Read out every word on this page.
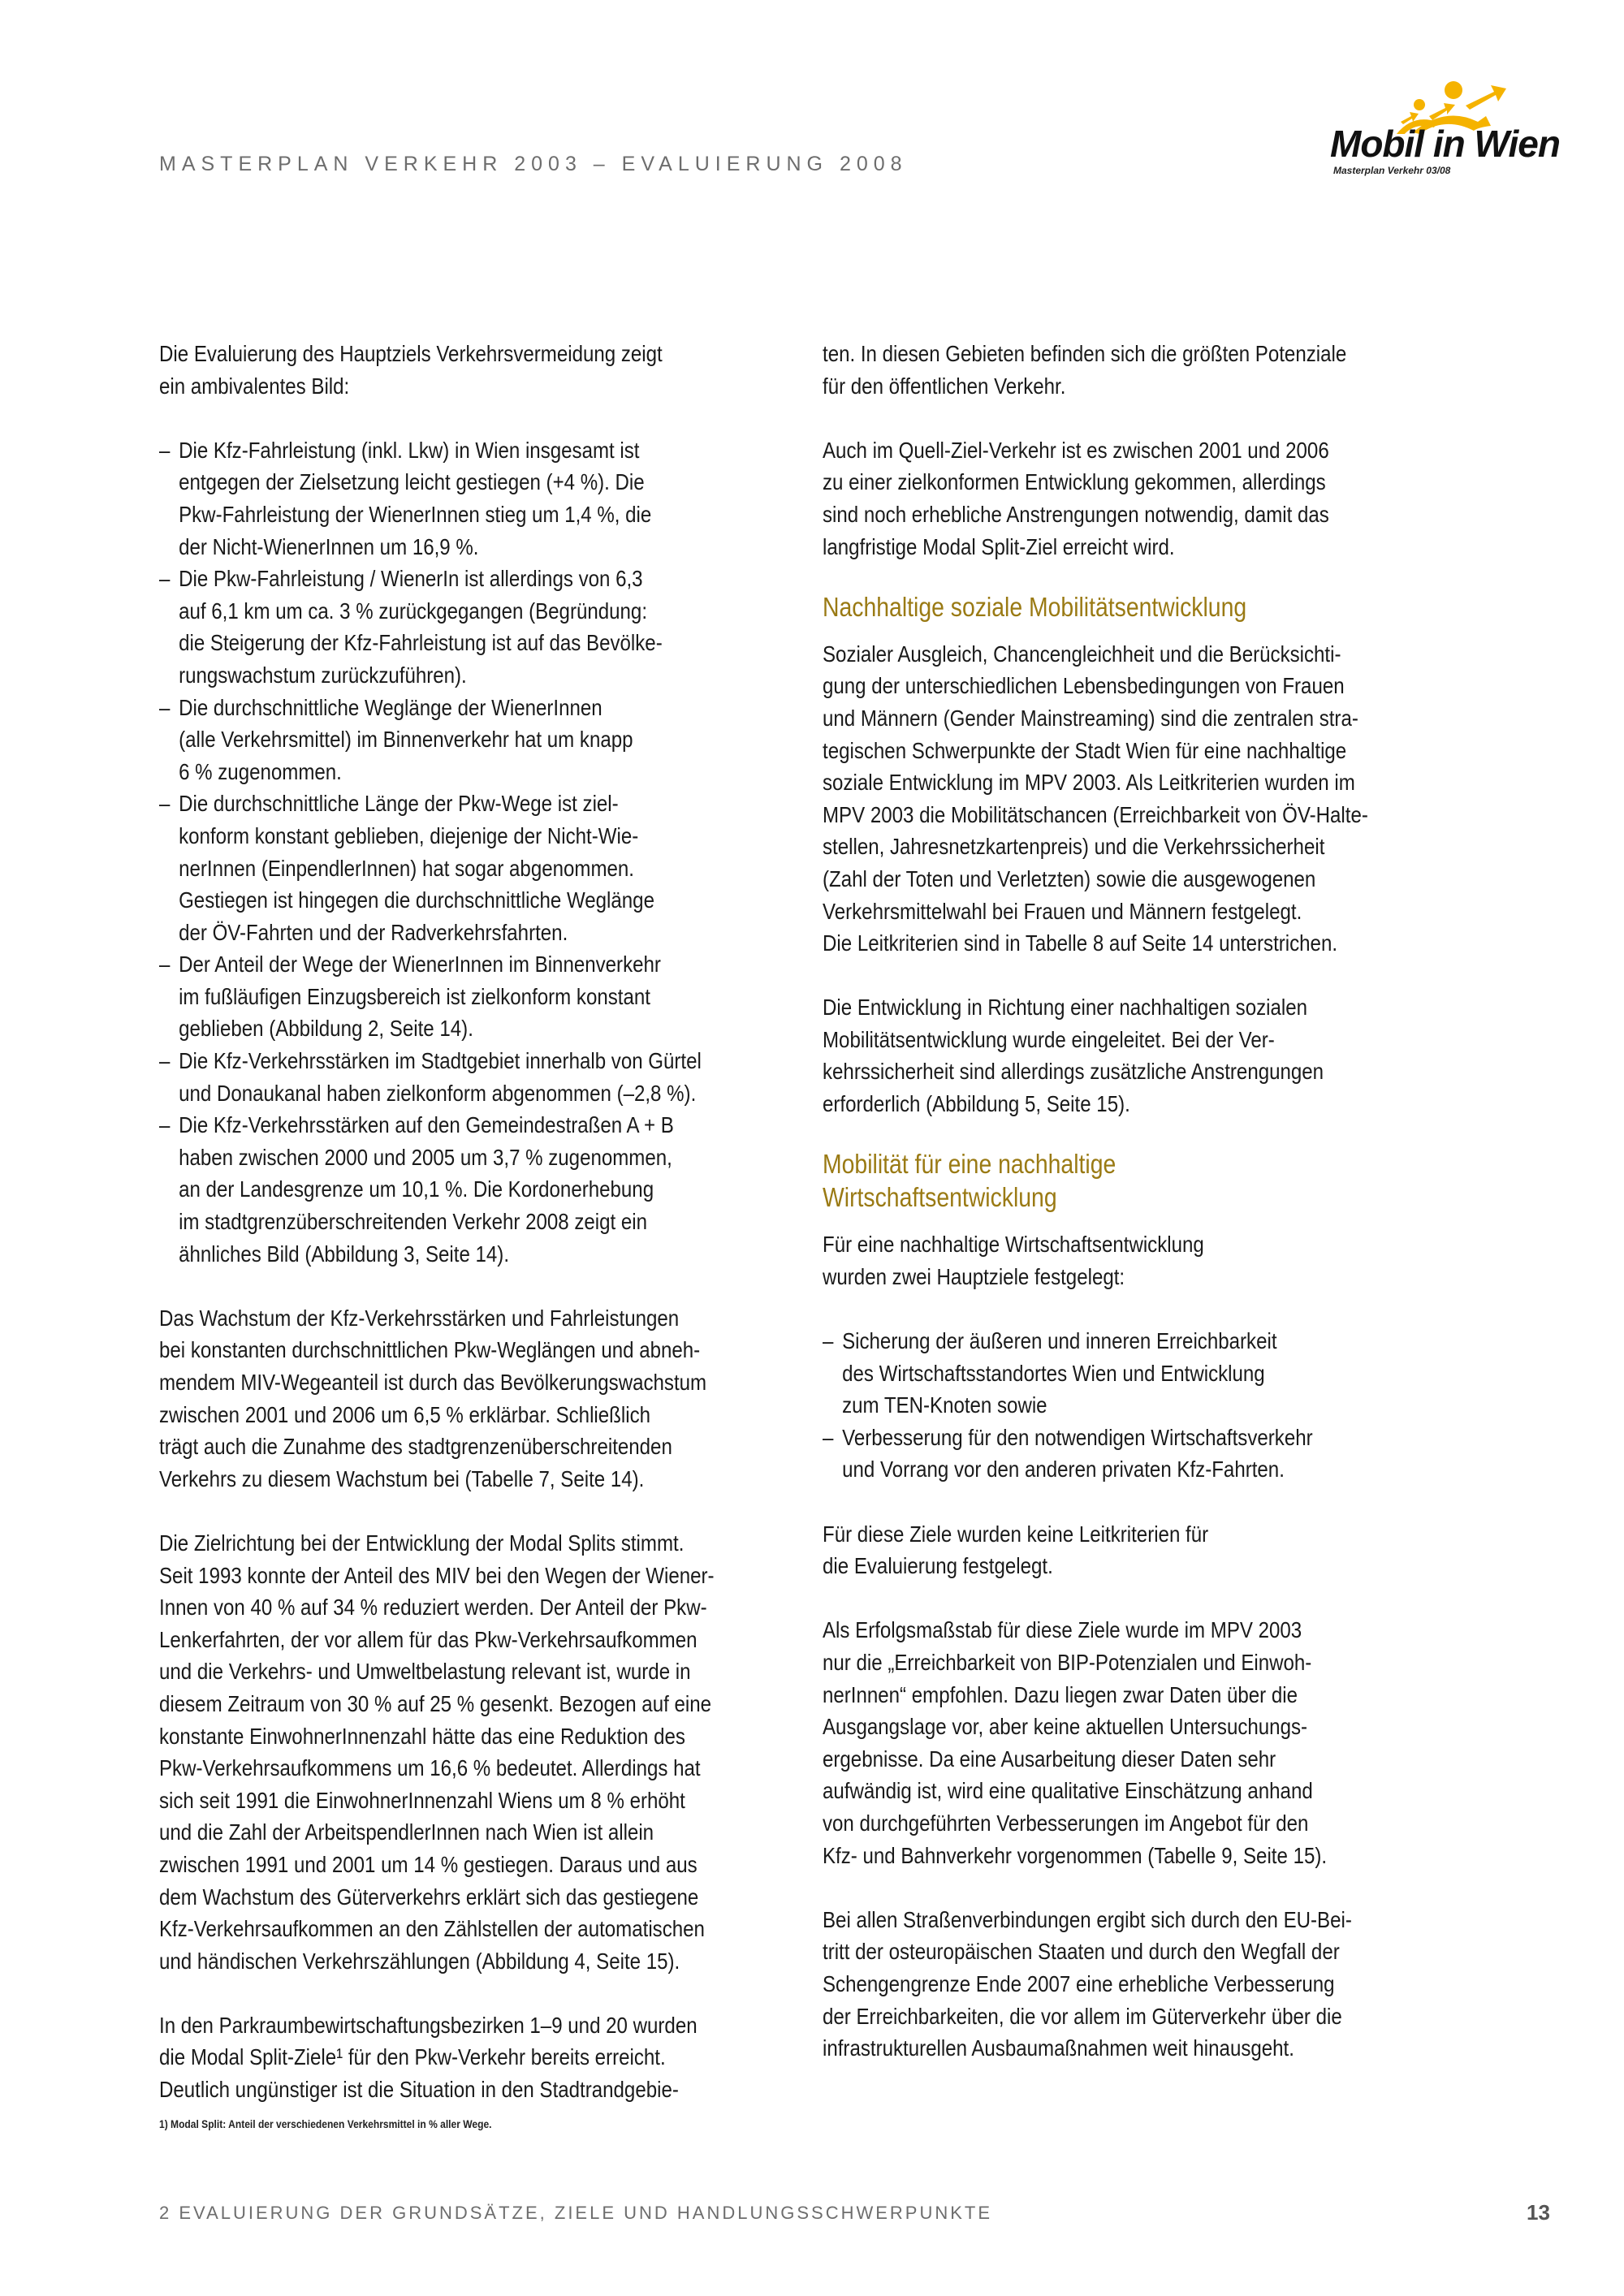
MASTERPLAN VERKEHR 2003 – EVALUIERUNG 2008	Mobil in Wien
Masterplan Verkehr 03/08
Die Evaluierung des Hauptziels Verkehrsvermeidung zeigt
ein ambivalentes Bild:
– Die Kfz-Fahrleistung (inkl. Lkw) in Wien insgesamt ist
entgegen der Zielsetzung leicht gestiegen (+4 %). Die
Pkw-Fahrleistung der WienerInnen stieg um 1,4 %, die
der Nicht-WienerInnen um 16,9 %.
– Die Pkw-Fahrleistung / WienerIn ist allerdings von 6,3
auf 6,1 km um ca. 3 % zurückgegangen (Begründung:
die Steigerung der Kfz-Fahrleistung ist auf das Bevölke-
rungswachstum zurückzuführen).
– Die durchschnittliche Weglänge der WienerInnen
(alle Verkehrsmittel) im Binnenverkehr hat um knapp
6 % zugenommen.
– Die durchschnittliche Länge der Pkw-Wege ist ziel-
konform konstant geblieben, diejenige der Nicht-Wie-
nerInnen (EinpendlerInnen) hat sogar abgenommen.
Gestiegen ist hingegen die durchschnittliche Weglänge
der ÖV-Fahrten und der Radverkehrsfahrten.
– Der Anteil der Wege der WienerInnen im Binnenverkehr
im fußläufigen Einzugsbereich ist zielkonform konstant
geblieben (Abbildung 2, Seite 14).
– Die Kfz-Verkehrsstärken im Stadtgebiet innerhalb von Gürtel
und Donaukanal haben zielkonform abgenommen (–2,8 %).
– Die Kfz-Verkehrsstärken auf den Gemeindestraßen A + B
haben zwischen 2000 und 2005 um 3,7 % zugenommen,
an der Landesgrenze um 10,1 %. Die Kordonerhebung
im stadtgrenzüberschreitenden Verkehr 2008 zeigt ein
ähnliches Bild (Abbildung 3, Seite 14).
Das Wachstum der Kfz-Verkehrsstärken und Fahrleistungen
bei konstanten durchschnittlichen Pkw-Weglängen und abneh-
mendem MIV-Wegeanteil ist durch das Bevölkerungswachstum
zwischen 2001 und 2006 um 6,5 % erklärbar. Schließlich
trägt auch die Zunahme des stadtgrenzenüberschreitenden
Verkehrs zu diesem Wachstum bei (Tabelle 7, Seite 14).
Die Zielrichtung bei der Entwicklung der Modal Splits stimmt.
Seit 1993 konnte der Anteil des MIV bei den Wegen der Wiener-
Innen von 40 % auf 34 % reduziert werden. Der Anteil der Pkw-
Lenkerfahrten, der vor allem für das Pkw-Verkehrsaufkommen
und die Verkehrs- und Umweltbelastung relevant ist, wurde in
diesem Zeitraum von 30 % auf 25 % gesenkt. Bezogen auf eine
konstante EinwohnerInnenzahl hätte das eine Reduktion des
Pkw-Verkehrsaufkommens um 16,6 % bedeutet. Allerdings hat
sich seit 1991 die EinwohnerInnenzahl Wiens um 8 % erhöht
und die Zahl der ArbeitspendlerInnen nach Wien ist allein
zwischen 1991 und 2001 um 14 % gestiegen. Daraus und aus
dem Wachstum des Güterverkehrs erklärt sich das gestiegene
Kfz-Verkehrsaufkommen an den Zählstellen der automatischen
und händischen Verkehrszählungen (Abbildung 4, Seite 15).
In den Parkraumbewirtschaftungsbezirken 1–9 und 20 wurden
die Modal Split-Ziele¹ für den Pkw-Verkehr bereits erreicht.
Deutlich ungünstiger ist die Situation in den Stadtrandgebie-
ten. In diesen Gebieten befinden sich die größten Potenziale
für den öffentlichen Verkehr.
Auch im Quell-Ziel-Verkehr ist es zwischen 2001 und 2006
zu einer zielkonformen Entwicklung gekommen, allerdings
sind noch erhebliche Anstrengungen notwendig, damit das
langfristige Modal Split-Ziel erreicht wird.
Nachhaltige soziale Mobilitätsentwicklung
Sozialer Ausgleich, Chancengleichheit und die Berücksichti-
gung der unterschiedlichen Lebensbedingungen von Frauen
und Männern (Gender Mainstreaming) sind die zentralen stra-
tegischen Schwerpunkte der Stadt Wien für eine nachhaltige
soziale Entwicklung im MPV 2003. Als Leitkriterien wurden im
MPV 2003 die Mobilitätschancen (Erreichbarkeit von ÖV-Halte-
stellen, Jahresnetzkartenpreis) und die Verkehrssicherheit
(Zahl der Toten und Verletzten) sowie die ausgewogenen
Verkehrsmittelwahl bei Frauen und Männern festgelegt.
Die Leitkriterien sind in Tabelle 8 auf Seite 14 unterstrichen.
Die Entwicklung in Richtung einer nachhaltigen sozialen
Mobilitätsentwicklung wurde eingeleitet. Bei der Ver-
kehrssicherheit sind allerdings zusätzliche Anstrengungen
erforderlich (Abbildung 5, Seite 15).
Mobilität für eine nachhaltige
Wirtschaftsentwicklung
Für eine nachhaltige Wirtschaftsentwicklung
wurden zwei Hauptziele festgelegt:
– Sicherung der äußeren und inneren Erreichbarkeit
des Wirtschaftsstandortes Wien und Entwicklung
zum TEN-Knoten sowie
– Verbesserung für den notwendigen Wirtschaftsverkehr
und Vorrang vor den anderen privaten Kfz-Fahrten.
Für diese Ziele wurden keine Leitkriterien für
die Evaluierung festgelegt.
Als Erfolgsmaßstab für diese Ziele wurde im MPV 2003
nur die „Erreichbarkeit von BIP-Potenzialen und Einwoh-
nerInnen“ empfohlen. Dazu liegen zwar Daten über die
Ausgangslage vor, aber keine aktuellen Untersuchungs-
ergebnisse. Da eine Ausarbeitung dieser Daten sehr
aufwändig ist, wird eine qualitative Einschätzung anhand
von durchgeführten Verbesserungen im Angebot für den
Kfz- und Bahnverkehr vorgenommen (Tabelle 9, Seite 15).
Bei allen Straßenverbindungen ergibt sich durch den EU-Bei-
tritt der osteuropäischen Staaten und durch den Wegfall der
Schengengrenze Ende 2007 eine erhebliche Verbesserung
der Erreichbarkeiten, die vor allem im Güterverkehr über die
infrastrukturellen Ausbaumaßnahmen weit hinausgeht.
1) Modal Split: Anteil der verschiedenen Verkehrsmittel in % aller Wege.
2 EVALUIERUNG DER GRUNDSÄTZE, ZIELE UND HANDLUNGSSCHWERPUNKTE	13
